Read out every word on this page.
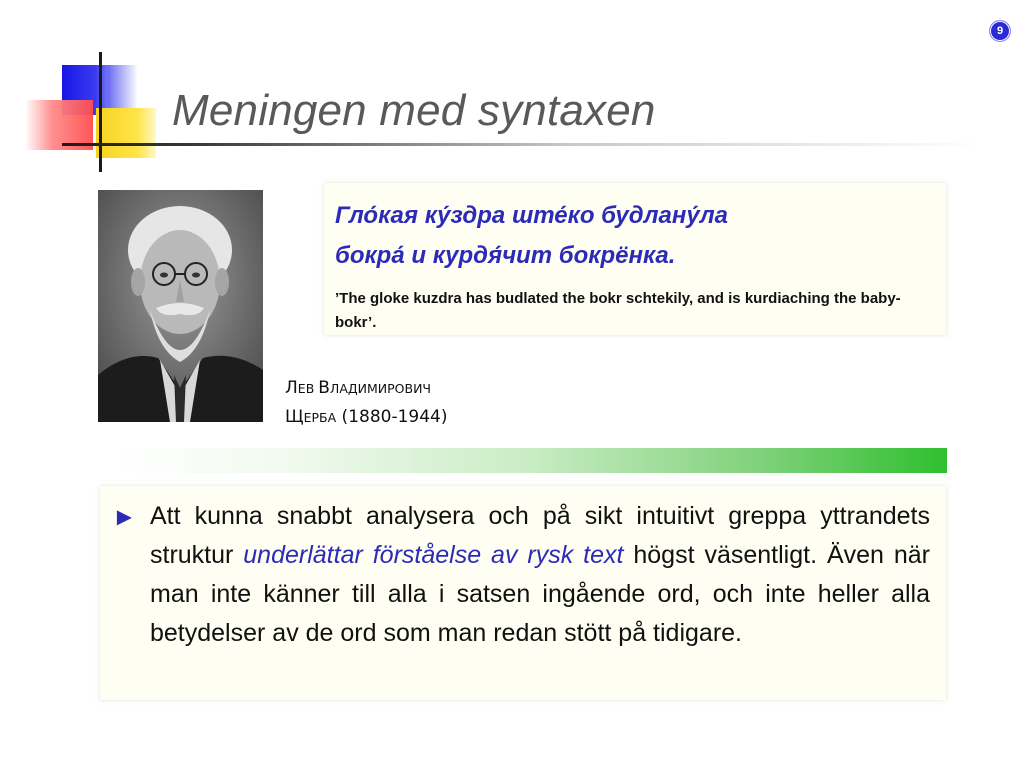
Meningen med syntaxen
9
Гло́кая ку́здра ште́ко будлану́ла
бокра́ и курдя́чит бокрёнка.
’The gloke kuzdra has budlated the bokr schtekily, and is kurdiaching the baby-bokr’.
ЛЕВ ВЛАДИМИРОВИЧ
ЩЕРБА (1880-1944)
► Att kunna snabbt analysera och på sikt intuitivt greppa yttrandets struktur underlättar förståelse av rysk text högst väsentligt. Även när man inte känner till alla i satsen ingående ord, och inte heller alla betydelser av de ord som man redan stött på tidigare.
